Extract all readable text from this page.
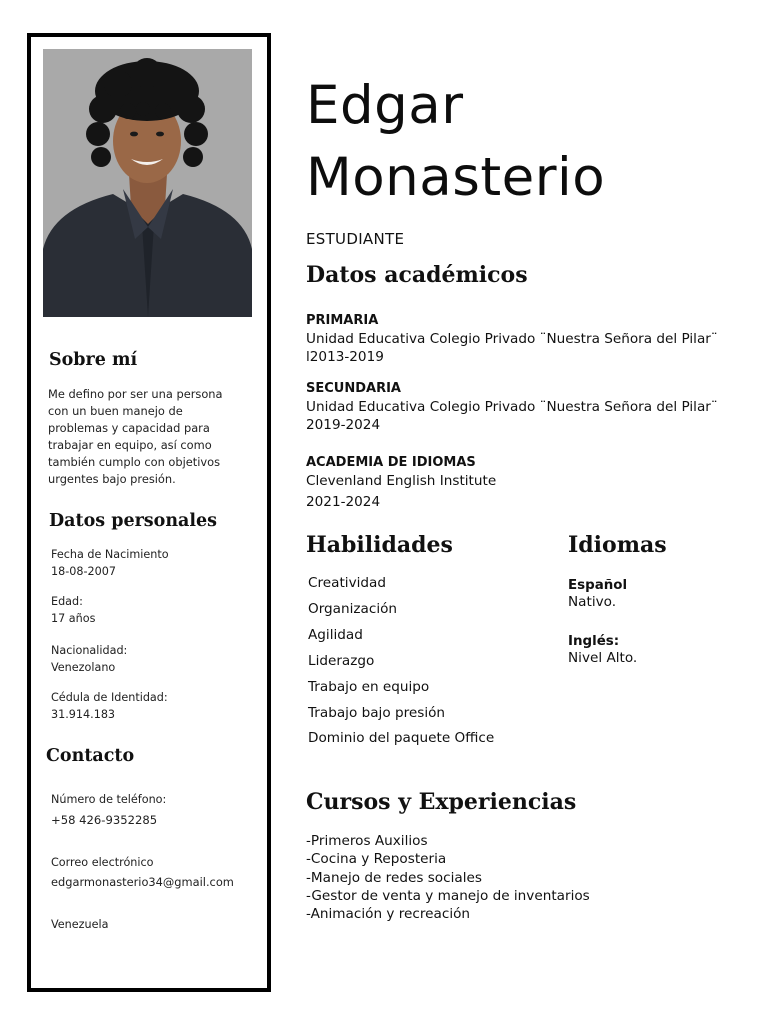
Sobre mí
Me defino por ser una persona con un buen manejo de problemas y capacidad para trabajar en equipo, así como también cumplo con objetivos urgentes bajo presión.
Datos personales
Fecha de Nacimiento
18-08-2007
Edad:
17 años
Nacionalidad:
Venezolano
Cédula de Identidad:
31.914.183
Contacto
Número de teléfono:
+58 426-9352285
Correo electrónico
edgarmonasterio34@gmail.com
Venezuela
Edgar
Monasterio
ESTUDIANTE
Datos académicos
PRIMARIA
Unidad Educativa Colegio Privado ¨Nuestra Señora del Pilar¨
l2013-2019
SECUNDARIA
Unidad Educativa Colegio Privado ¨Nuestra Señora del Pilar¨
2019-2024
ACADEMIA DE IDIOMAS
Clevenland English Institute
2021-2024
Habilidades
Creatividad
Organización
Agilidad
Liderazgo
Trabajo en equipo
Trabajo bajo presión
Dominio del paquete Office
Idiomas
Español
Nativo.
Inglés:
Nivel Alto.
Cursos y Experiencias
-Primeros Auxilios
-Cocina y Reposteria
-Manejo de redes sociales
-Gestor de venta y manejo de inventarios
-Animación y recreación
